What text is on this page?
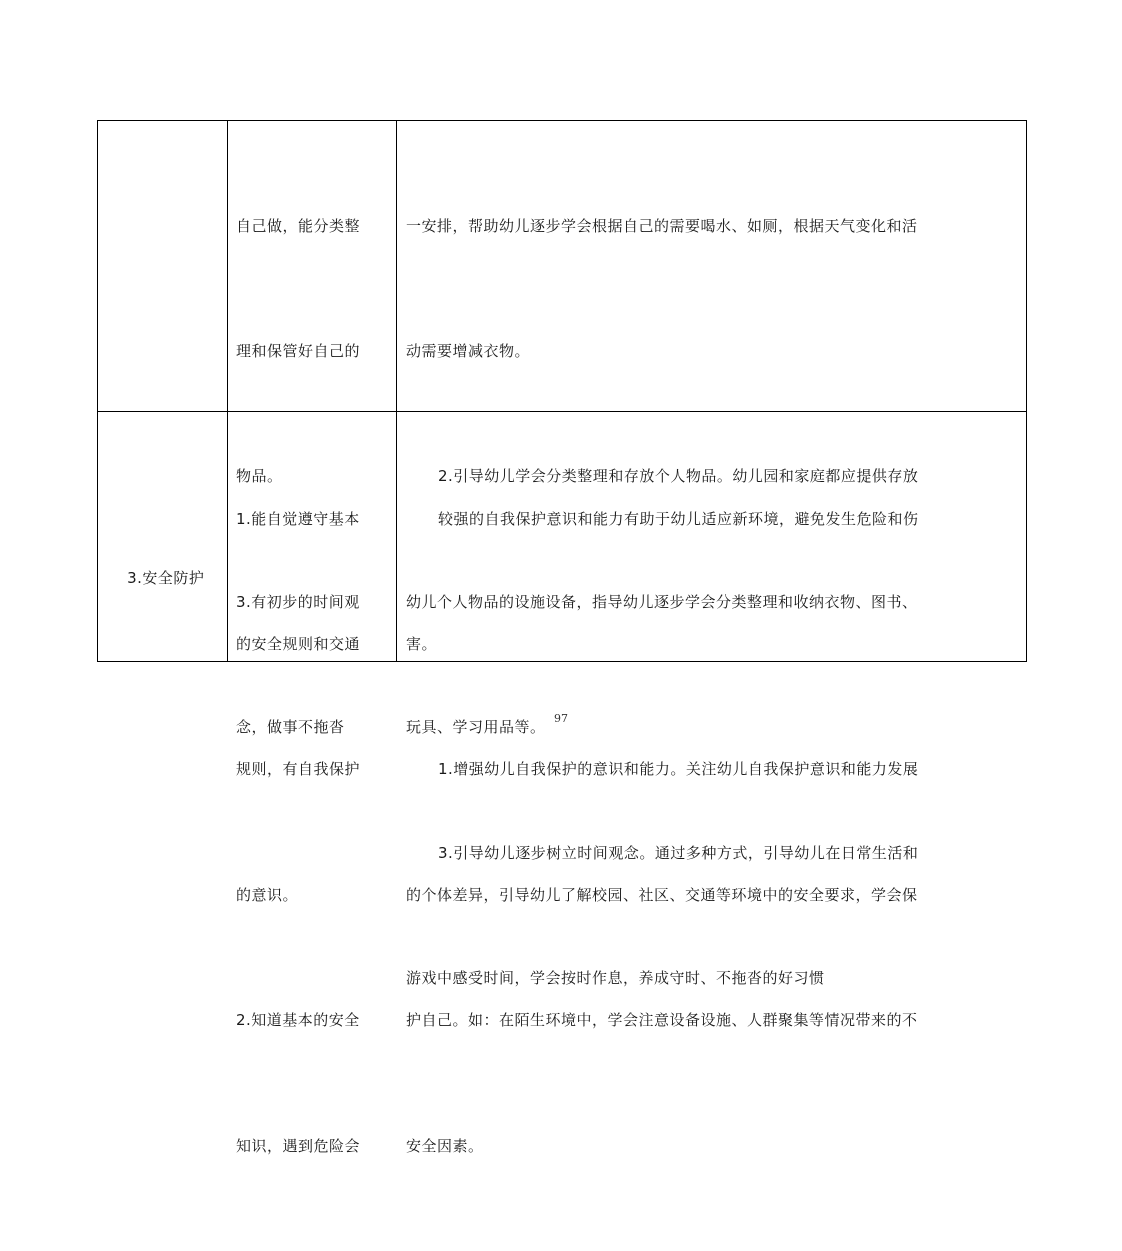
自己做，能分类整

理和保管好自己的

物品。

3.有初步的时间观

念，做事不拖沓

一安排，帮助幼儿逐步学会根据自己的需要喝水、如厕，根据天气变化和活

动需要增减衣物。

2.引导幼儿学会分类整理和存放个人物品。幼儿园和家庭都应提供存放

幼儿个人物品的设施设备，指导幼儿逐步学会分类整理和收纳衣物、图书、

玩具、学习用品等。

3.引导幼儿逐步树立时间观念。通过多种方式，引导幼儿在日常生活和

游戏中感受时间，学会按时作息，养成守时、不拖沓的好习惯

3.安全防护

1.能自觉遵守基本

的安全规则和交通

规则，有自我保护

的意识。

2.知道基本的安全

知识，遇到危险会

较强的自我保护意识和能力有助于幼儿适应新环境，避免发生危险和伤

害。

1.增强幼儿自我保护的意识和能力。关注幼儿自我保护意识和能力发展

的个体差异，引导幼儿了解校园、社区、交通等环境中的安全要求，学会保

护自己。如：在陌生环境中，学会注意设备设施、人群聚集等情况带来的不

安全因素。

97
